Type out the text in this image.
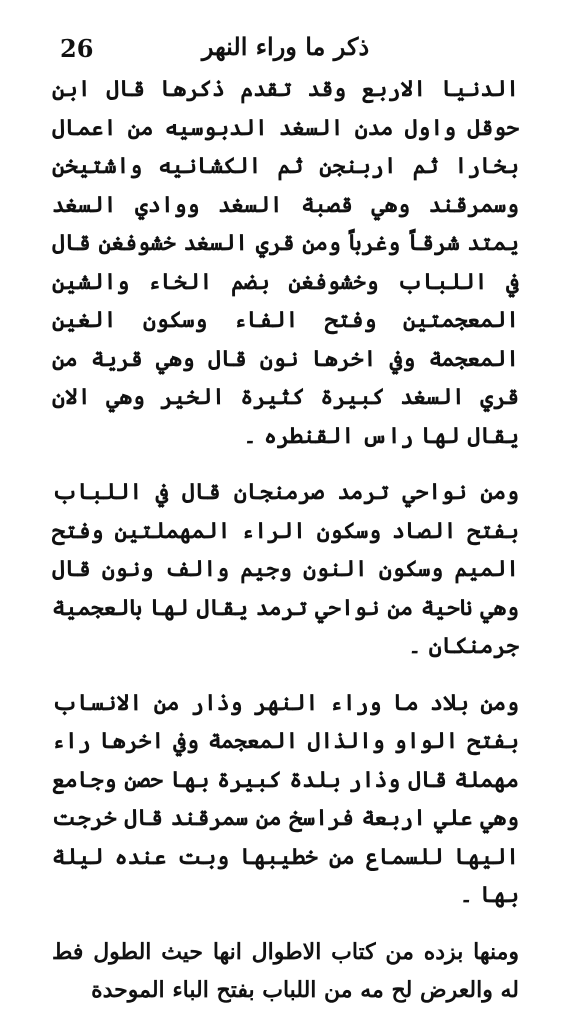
26	ذكر ما وراء النهر

الدنيا الاربع وقد تقدم ذكرها قال ابن حوقل واول مدن السغد الدبوسيه من اعمال بخارا ثم اربنجن ثم الكشانيه واشتيخن وسمرقند وهي قصبة السغد ووادي السغد يمتد شرقاً وغرباً ومن قري السغد خشوفغن قال في اللباب وخشوفغن بضم الخاء والشين المعجمتين وفتح الفاء وسكون الغين المعجمة وفي اخرها نون قال وهي قرية من قري السغد كبيرة كثيرة الخير وهي الان يقال لها راس القنطره ۔

ومن نواحي ترمد صرمنجان قال في اللباب بفتح الصاد وسكون الراء المهملتين وفتح الميم وسكون النون وجيم والف ونون قال وهي ناحية من نواحي ترمد يقال لها بالعجمية جرمنكان ۔

ومن بلاد ما وراء النهر وذار من الانساب بفتح الواو والذال المعجمة وفي اخرها راء مهملة قال وذار بلدة كبيرة بها حصن وجامع وهي علي اربعة فراسخ من سمرقند قال خرجت اليها للسماع من خطيبها وبت عنده ليلة بها ۔

ومنها بزده من كتاب الاطوال انها حيث الطول فط له والعرض لح مه من اللباب بفتح الباء الموحدة
